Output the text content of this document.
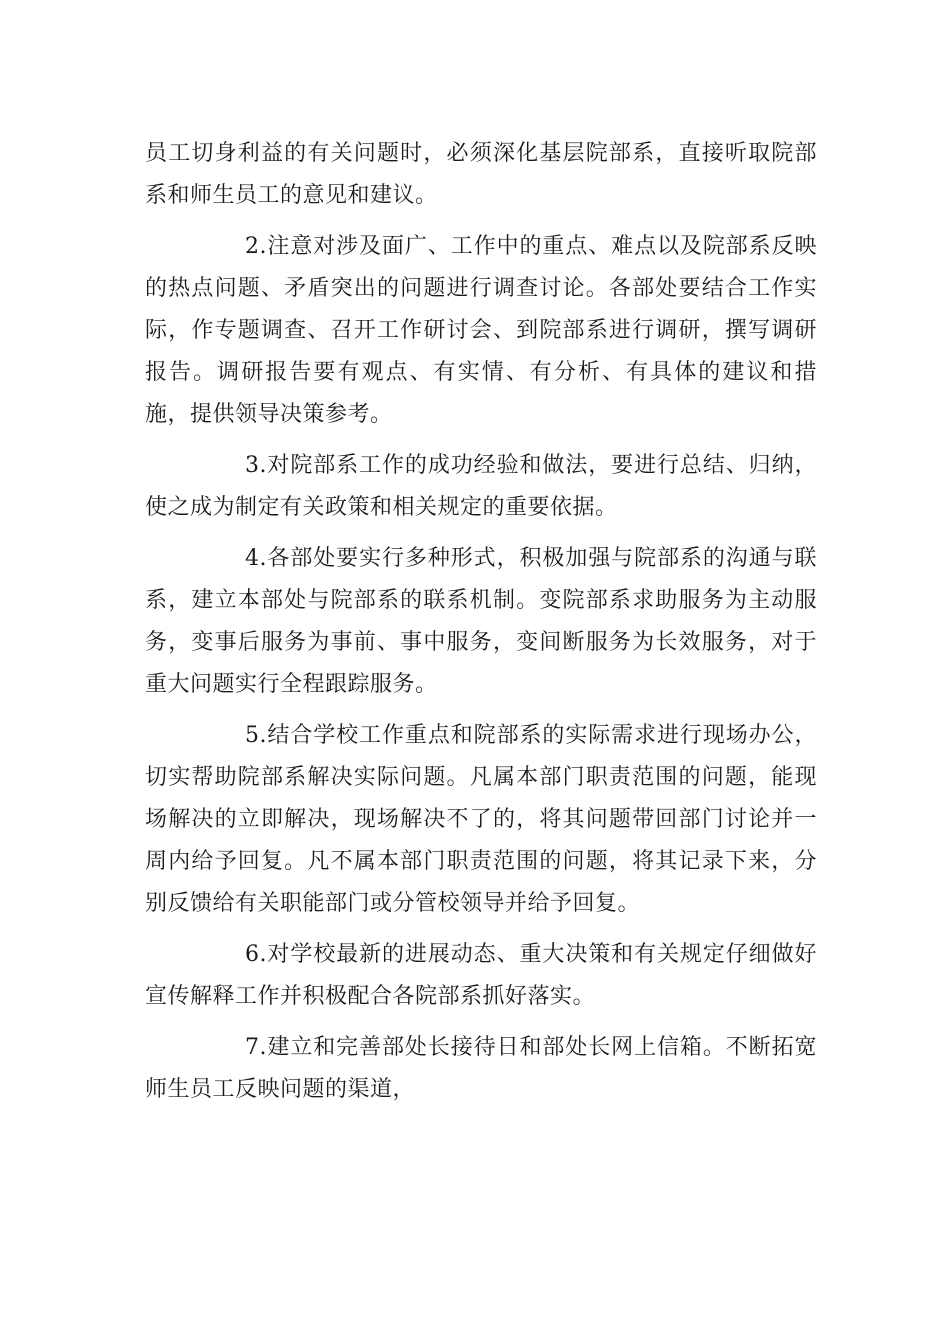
员工切身利益的有关问题时，必须深化基层院部系，直接听取院部系和师生员工的意见和建议。

2.注意对涉及面广、工作中的重点、难点以及院部系反映的热点问题、矛盾突出的问题进行调查讨论。各部处要结合工作实际，作专题调查、召开工作研讨会、到院部系进行调研，撰写调研报告。调研报告要有观点、有实情、有分析、有具体的建议和措施，提供领导决策参考。

3.对院部系工作的成功经验和做法，要进行总结、归纳，使之成为制定有关政策和相关规定的重要依据。

4.各部处要实行多种形式，积极加强与院部系的沟通与联系，建立本部处与院部系的联系机制。变院部系求助服务为主动服务，变事后服务为事前、事中服务，变间断服务为长效服务，对于重大问题实行全程跟踪服务。

5.结合学校工作重点和院部系的实际需求进行现场办公，切实帮助院部系解决实际问题。凡属本部门职责范围的问题，能现场解决的立即解决，现场解决不了的，将其问题带回部门讨论并一周内给予回复。凡不属本部门职责范围的问题，将其记录下来，分别反馈给有关职能部门或分管校领导并给予回复。

6.对学校最新的进展动态、重大决策和有关规定仔细做好宣传解释工作并积极配合各院部系抓好落实。

7.建立和完善部处长接待日和部处长网上信箱。不断拓宽师生员工反映问题的渠道，
